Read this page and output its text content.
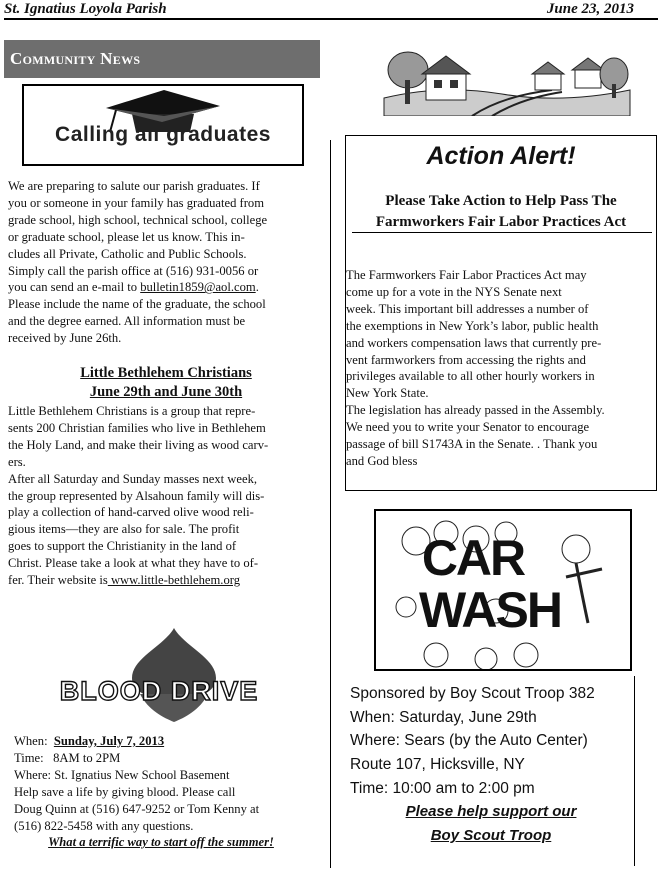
St. Ignatius Loyola Parish	June 23, 2013
Community News
Calling all graduates
We are preparing to salute our parish graduates. If
you or someone in your family has graduated from
grade school, high school, technical school, college
or graduate school, please let us know. This in-
cludes all Private, Catholic and Public Schools.
Simply call the parish office at (516) 931-0056 or
you can send an e-mail to bulletin1859@aol.com.
Please include the name of the graduate, the school
and the degree earned. All information must be
received by June 26th.
Little Bethlehem Christians
June 29th and June 30th
Little Bethlehem Christians is a group that repre-
sents 200 Christian families who live in Bethlehem
the Holy Land, and make their living as wood carv-
ers.
After all Saturday and Sunday masses next week,
the group represented by Alsahoun family will dis-
play a collection of hand-carved olive wood reli-
gious items—they are also for sale. The profit
goes to support the Christianity in the land of
Christ. Please take a look at what they have to of-
fer. Their website is www.little-bethlehem.org
BLOOD DRIVE
When: Sunday, July 7, 2013
Time: 8AM to 2PM
Where: St. Ignatius New School Basement
Help save a life by giving blood. Please call
Doug Quinn at (516) 647-9252 or Tom Kenny at
(516) 822-5458 with any questions.
What a terrific way to start off the summer!
Action Alert!
Please Take Action to Help Pass The
Farmworkers Fair Labor Practices Act
The Farmworkers Fair Labor Practices Act may
come up for a vote in the NYS Senate next
week. This important bill addresses a number of
the exemptions in New York’s labor, public health
and workers compensation laws that currently pre-
vent farmworkers from accessing the rights and
privileges available to all other hourly workers in
New York State.
The legislation has already passed in the Assembly.
We need you to write your Senator to encourage
passage of bill S1743A in the Senate. . Thank you
and God bless
CAR
WASH
Sponsored by Boy Scout Troop 382
When: Saturday, June 29th
Where: Sears (by the Auto Center)
Route 107, Hicksville, NY
Time: 10:00 am to 2:00 pm
Please help support our
Boy Scout Troop
